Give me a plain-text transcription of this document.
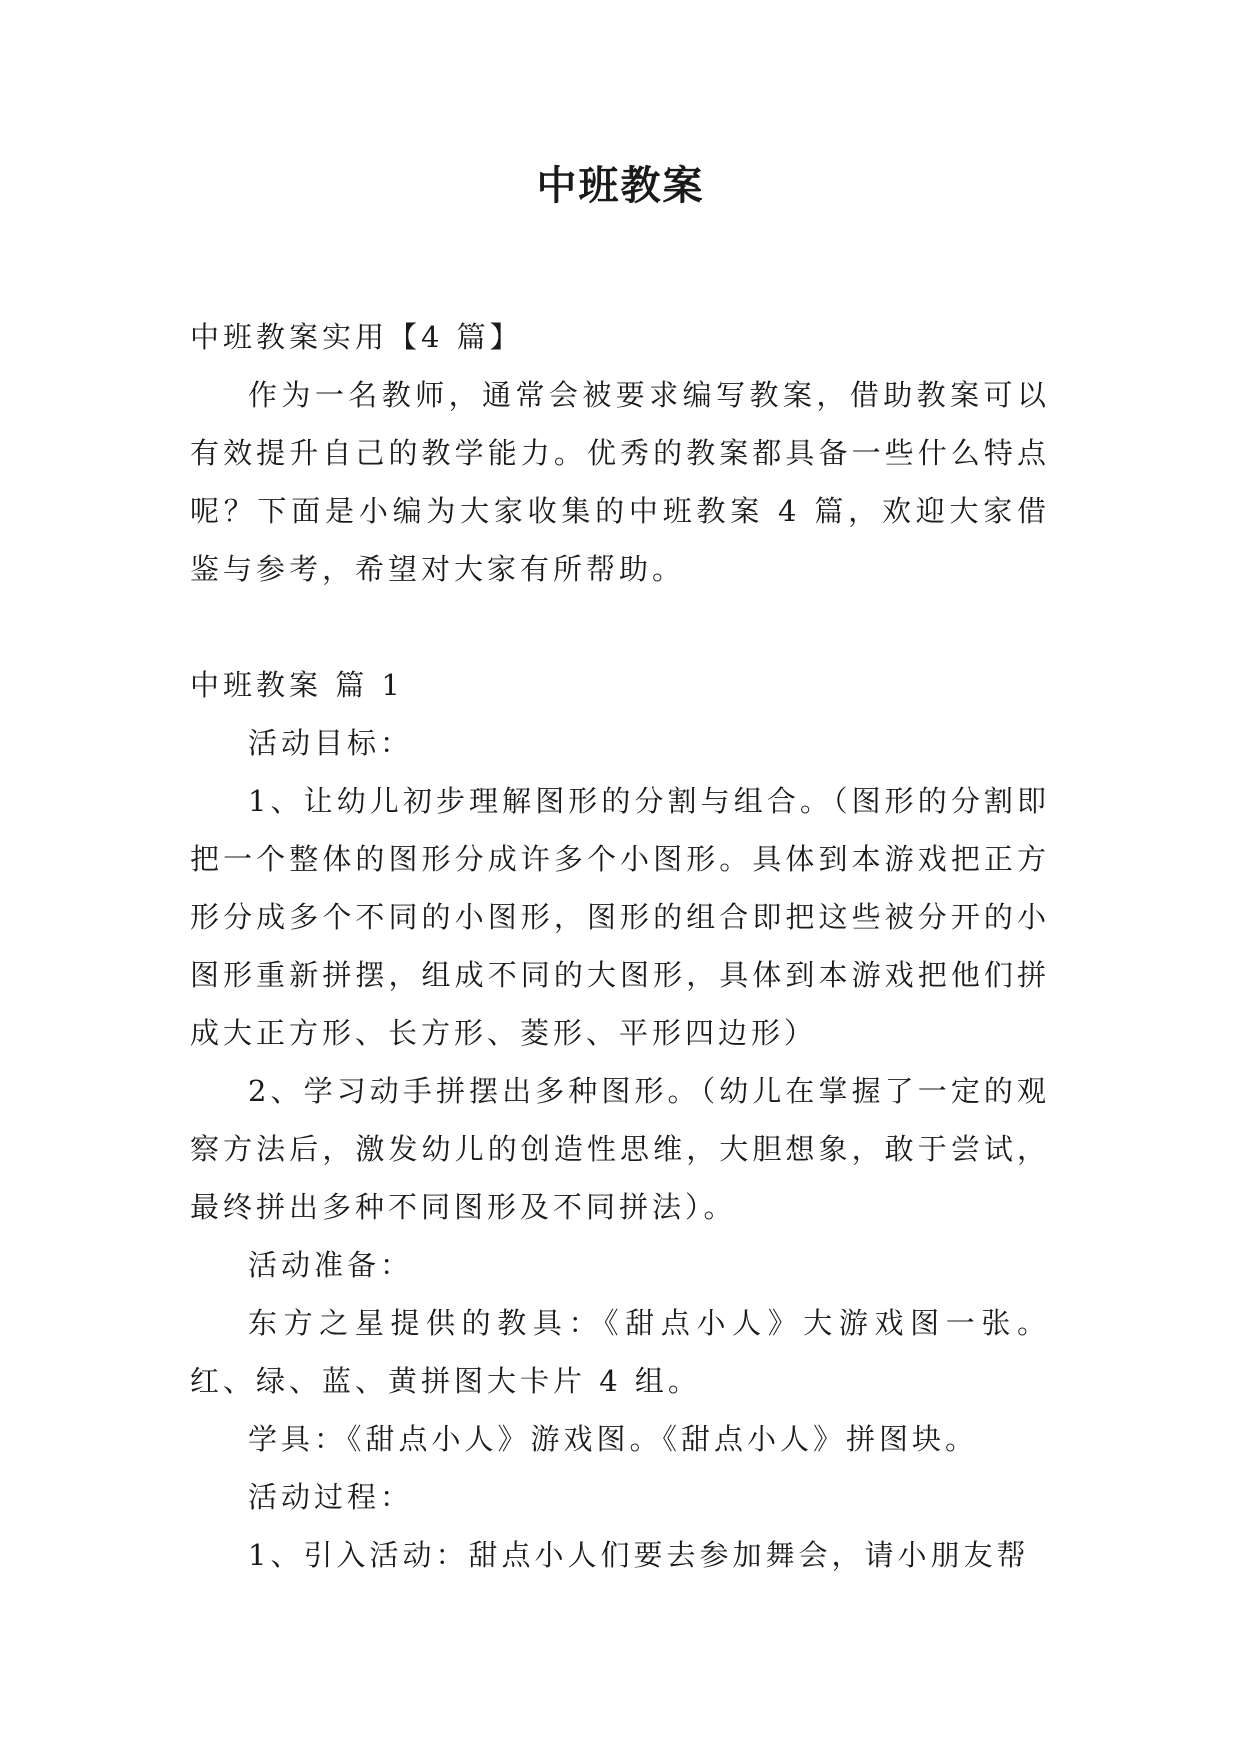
中班教案

中班教案实用【4 篇】

作为一名教师，通常会被要求编写教案，借助教案可以有效提升自己的教学能力。优秀的教案都具备一些什么特点呢？下面是小编为大家收集的中班教案 4 篇，欢迎大家借鉴与参考，希望对大家有所帮助。

中班教案 篇 1

活动目标：

1、让幼儿初步理解图形的分割与组合。（图形的分割即把一个整体的图形分成许多个小图形。具体到本游戏把正方形分成多个不同的小图形，图形的组合即把这些被分开的小图形重新拼摆，组成不同的大图形，具体到本游戏把他们拼成大正方形、长方形、菱形、平形四边形）

2、学习动手拼摆出多种图形。（幼儿在掌握了一定的观察方法后，激发幼儿的创造性思维，大胆想象，敢于尝试，最终拼出多种不同图形及不同拼法）。

活动准备：

东方之星提供的教具：《甜点小人》大游戏图一张。红、绿、蓝、黄拼图大卡片 4 组。

学具：《甜点小人》游戏图。《甜点小人》拼图块。

活动过程：

1、引入活动：甜点小人们要去参加舞会，请小朋友帮
